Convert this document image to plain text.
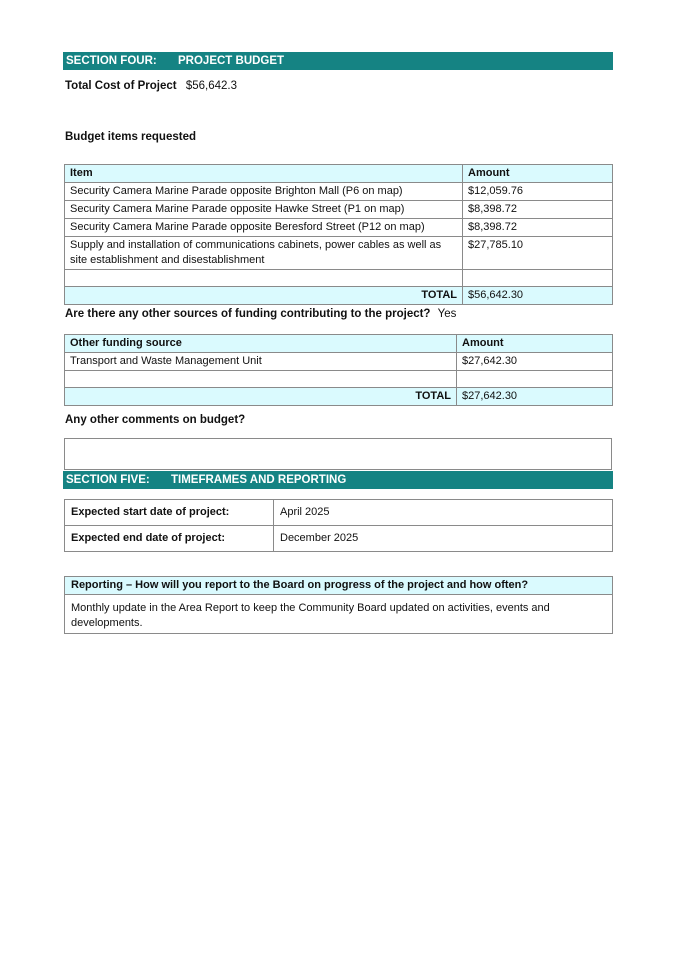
SECTION FOUR: PROJECT BUDGET
Total Cost of Project $56,642.3
Budget items requested
Item	Amount
Security Camera Marine Parade opposite Brighton Mall (P6 on map)	$12,059.76
Security Camera Marine Parade opposite Hawke Street (P1 on map)	$8,398.72
Security Camera Marine Parade opposite Beresford Street (P12 on map)	$8,398.72
Supply and installation of communications cabinets, power cables as well as site establishment and disestablishment	$27,785.10

TOTAL	$56,642.30
Are there any other sources of funding contributing to the project? Yes
Other funding source	Amount
Transport and Waste Management Unit	$27,642.30

TOTAL	$27,642.30
Any other comments on budget?
SECTION FIVE: TIMEFRAMES AND REPORTING
Expected start date of project:	April 2025
Expected end date of project:	December 2025
Reporting – How will you report to the Board on progress of the project and how often?
Monthly update in the Area Report to keep the Community Board updated on activities, events and developments.
